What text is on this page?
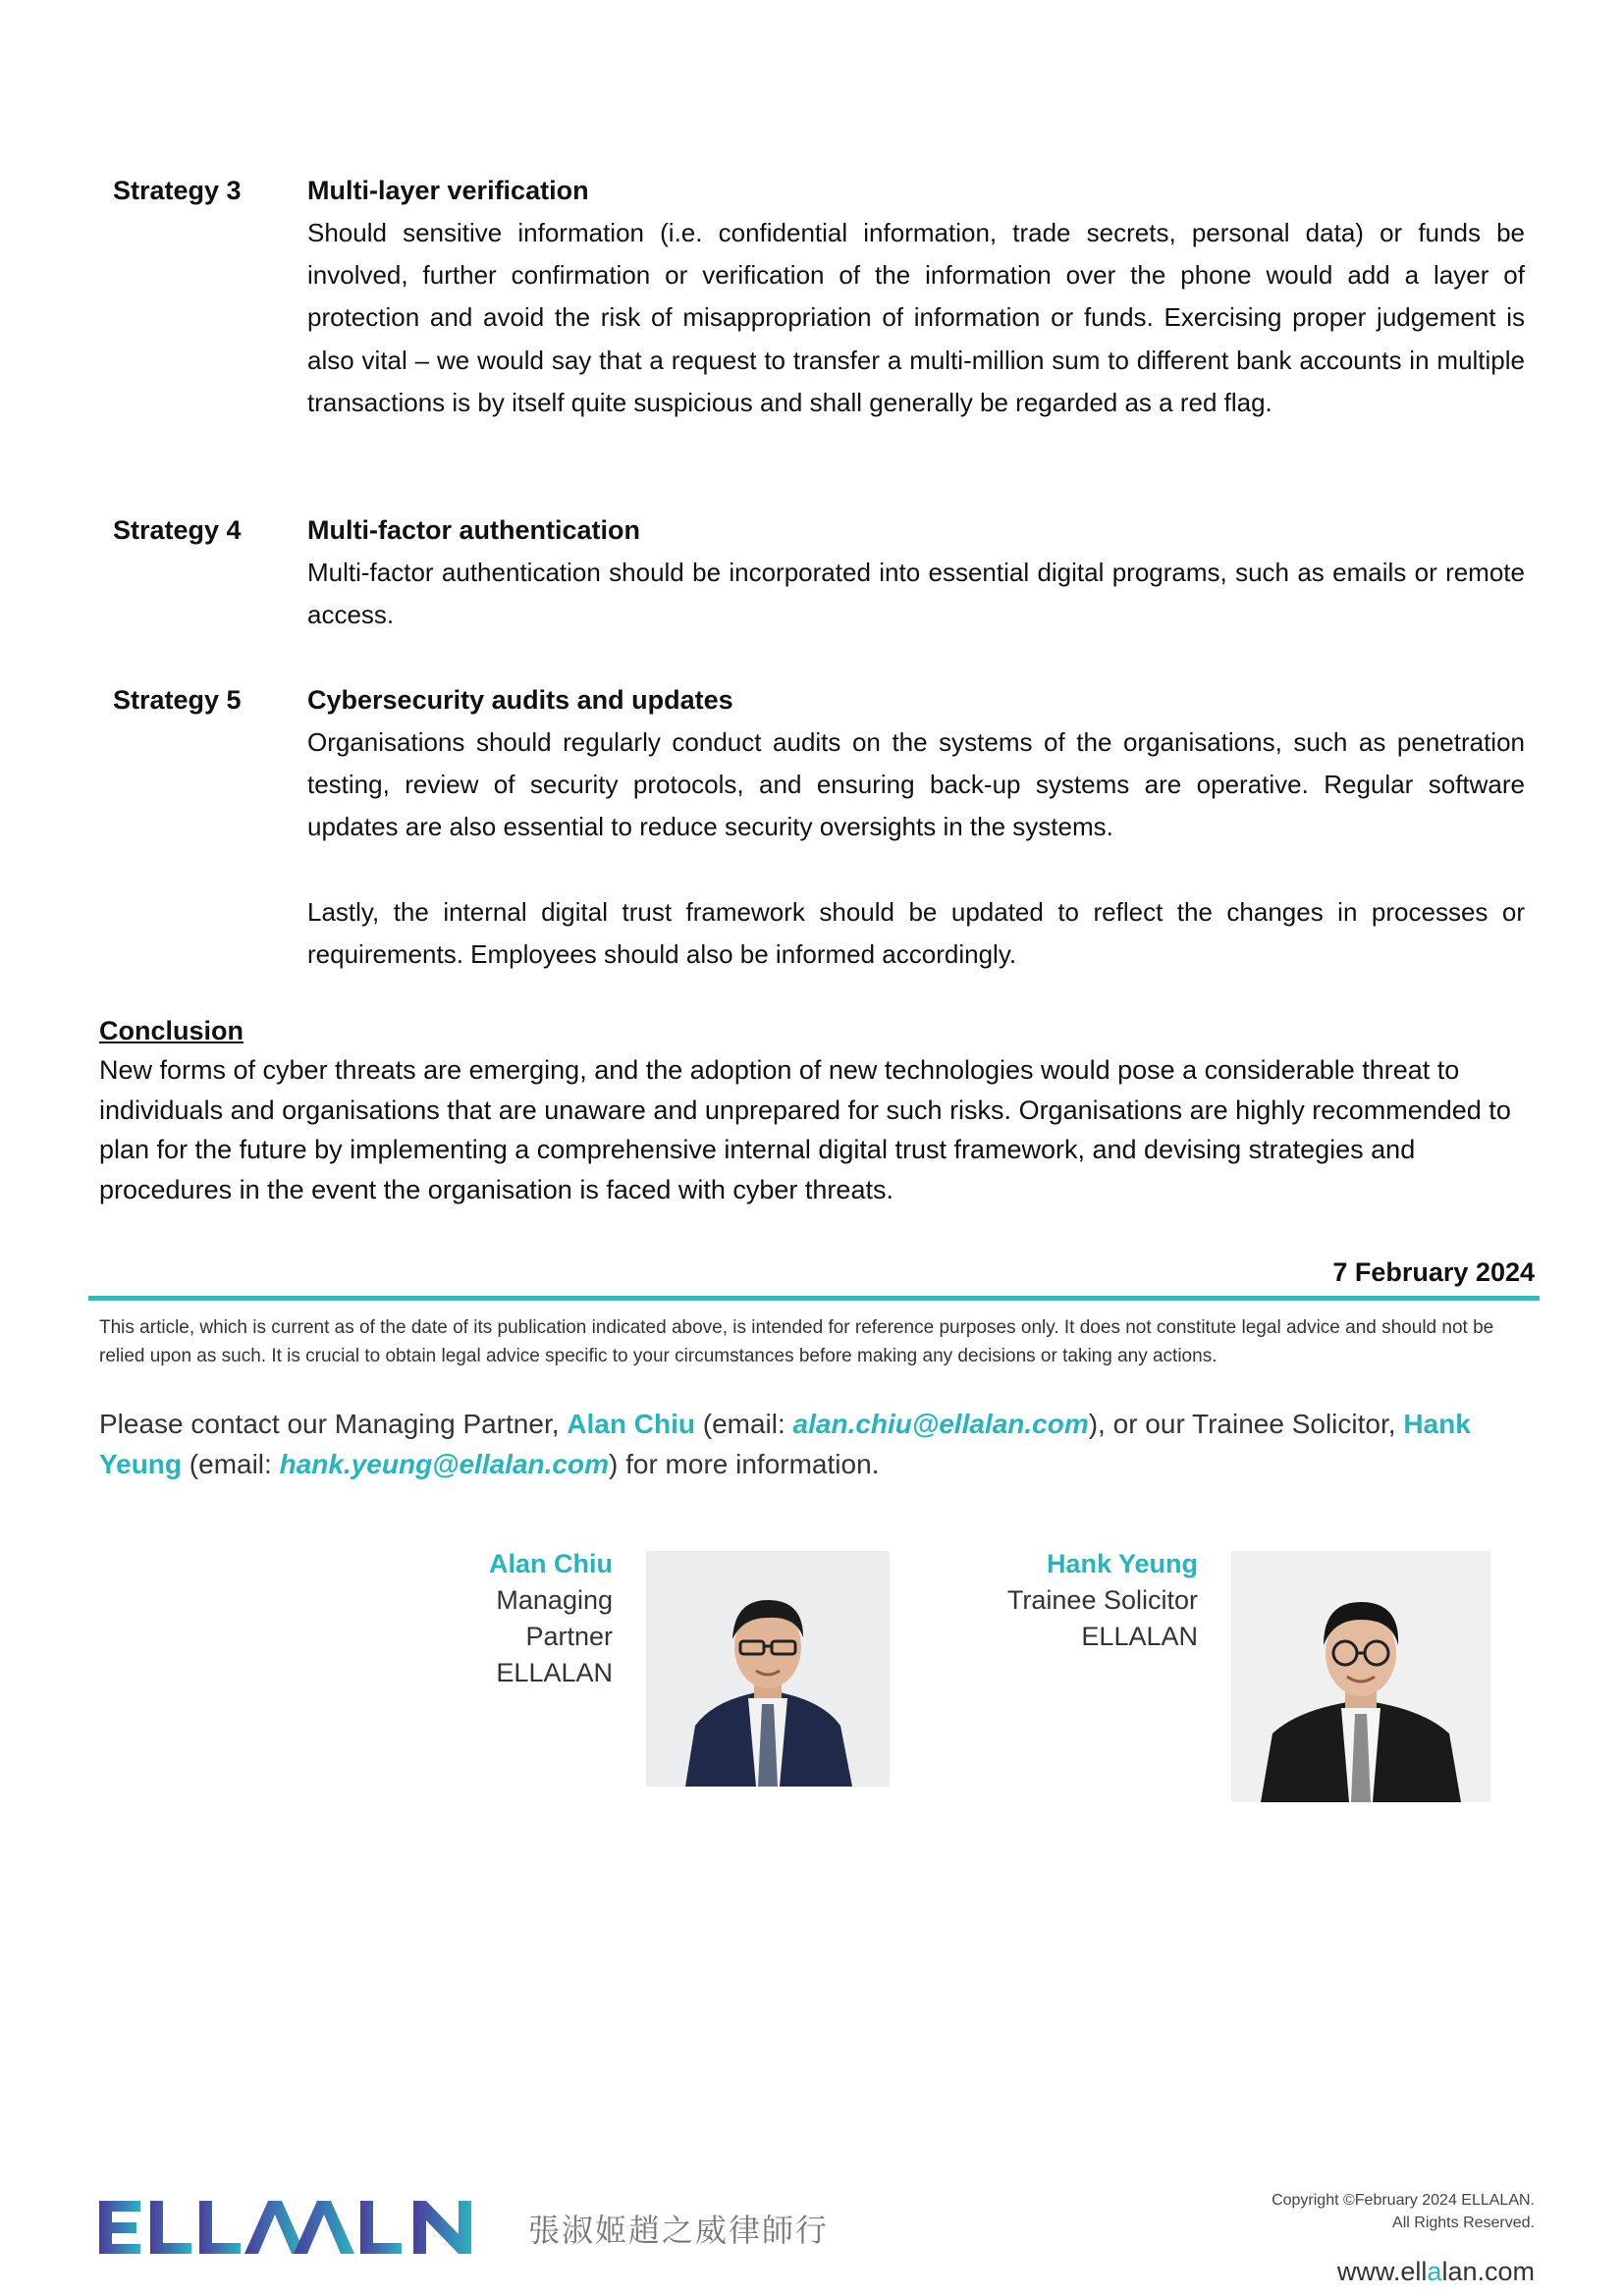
Strategy 3 Multi-layer verification

Should sensitive information (i.e. confidential information, trade secrets, personal data) or funds be involved, further confirmation or verification of the information over the phone would add a layer of protection and avoid the risk of misappropriation of information or funds. Exercising proper judgement is also vital – we would say that a request to transfer a multi-million sum to different bank accounts in multiple transactions is by itself quite suspicious and shall generally be regarded as a red flag.

Strategy 4 Multi-factor authentication

Multi-factor authentication should be incorporated into essential digital programs, such as emails or remote access.

Strategy 5 Cybersecurity audits and updates

Organisations should regularly conduct audits on the systems of the organisations, such as penetration testing, review of security protocols, and ensuring back-up systems are operative. Regular software updates are also essential to reduce security oversights in the systems.

Lastly, the internal digital trust framework should be updated to reflect the changes in processes or requirements. Employees should also be informed accordingly.

Conclusion

New forms of cyber threats are emerging, and the adoption of new technologies would pose a considerable threat to individuals and organisations that are unaware and unprepared for such risks. Organisations are highly recommended to plan for the future by implementing a comprehensive internal digital trust framework, and devising strategies and procedures in the event the organisation is faced with cyber threats.

7 February 2024

This article, which is current as of the date of its publication indicated above, is intended for reference purposes only. It does not constitute legal advice and should not be relied upon as such. It is crucial to obtain legal advice specific to your circumstances before making any decisions or taking any actions.

Please contact our Managing Partner, Alan Chiu (email: alan.chiu@ellalan.com), or our Trainee Solicitor, Hank Yeung (email: hank.yeung@ellalan.com) for more information.

Alan Chiu
Managing
Partner
ELLALAN
Hank Yeung
Trainee Solicitor
ELLALAN
張淑姬趙之威律師行
Copyright ©February 2024 ELLALAN.
All Rights Reserved.
www.ellalan.com
